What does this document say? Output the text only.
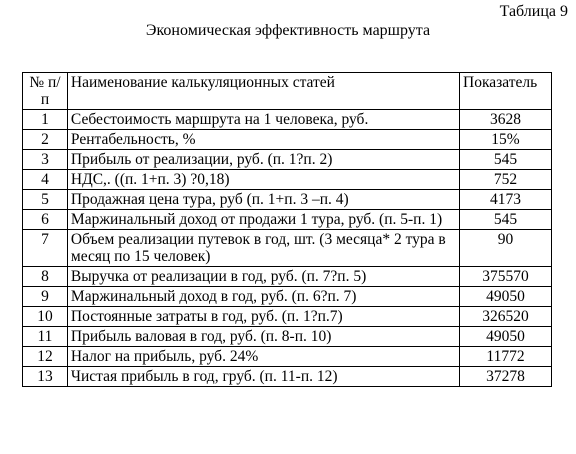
Таблица 9
Экономическая эффективность маршрута
№ п/п	Наименование калькуляционных статей	Показатель
1	Себестоимость маршрута на 1 человека, руб.	3628
2	Рентабельность, %	15%
3	Прибыль от реализации, руб. (п. 1?п. 2)	545
4	НДС,. ((п. 1+п. 3) ?0,18)	752
5	Продажная цена тура, руб (п. 1+п. 3 –п. 4)	4173
6	Маржинальный доход от продажи 1 тура, руб. (п. 5-п. 1)	545
7	Объем реализации путевок в год, шт. (3 месяца* 2 тура в месяц по 15 человек)	90
8	Выручка от реализации в год, руб. (п. 7?п. 5)	375570
9	Маржинальный доход в год, руб. (п. 6?п. 7)	49050
10	Постоянные затраты в год, руб. (п. 1?п.7)	326520
11	Прибыль валовая в год, руб. (п. 8-п. 10)	49050
12	Налог на прибыль, руб. 24%	11772
13	Чистая прибыль в год, груб. (п. 11-п. 12)	37278
